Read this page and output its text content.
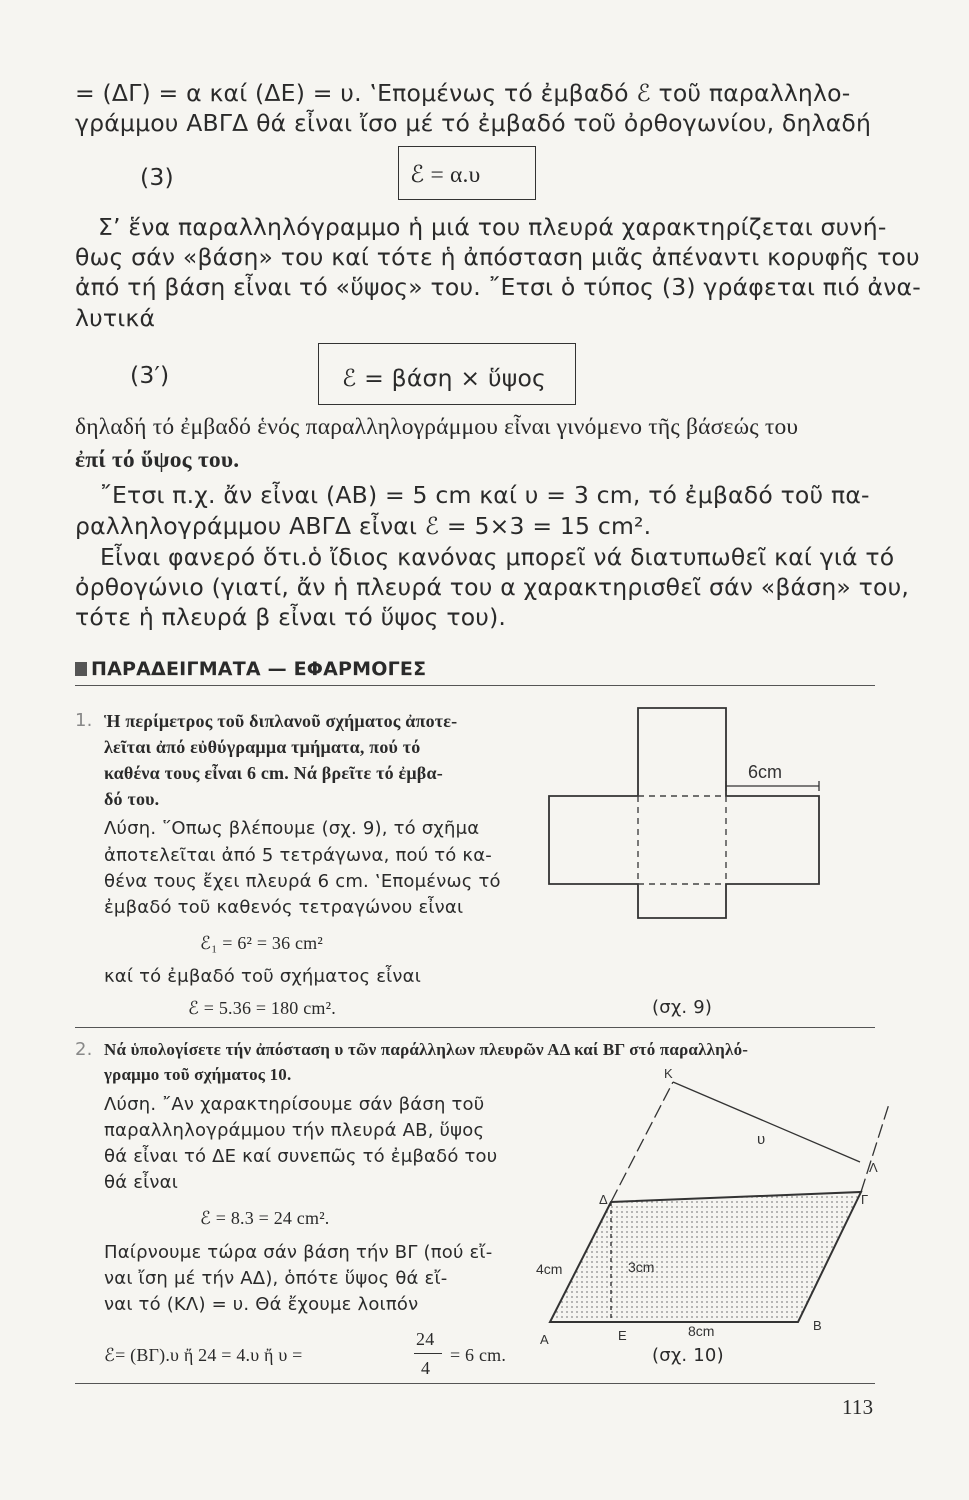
= (ΔΓ) = α καί (ΔΕ) = υ. ‛Επομένως τό ἐμβαδό ℰ τοῦ παραλληλο-
γράμμου ΑΒΓΔ θά εἶναι ἴσο μέ τό ἐμβαδό τοῦ ὀρθογωνίου, δηλαδή
(3)	ℰ = α.υ
Σ’ ἕνα παραλληλόγραμμο ἡ μιά του πλευρά χαρακτηρίζεται συνή-
θως σάν «βάση» του καί τότε ἡ ἀπόσταση μιᾶς ἀπέναντι κορυφῆς του
ἀπό τή βάση εἶναι τό «ὕψος» του. ῎Ετσι ὁ τύπος (3) γράφεται πιό ἀνα-
λυτικά
(3′)	ℰ = βάση × ὕψος
δηλαδή τό ἐμβαδό ἑνός παραλληλογράμμου εἶναι γινόμενο τῆς βάσεώς του
ἐπί τό ὕψος του.
῎Ετσι π.χ. ἄν εἶναι (ΑΒ) = 5 cm καί υ = 3 cm, τό ἐμβαδό τοῦ πα-
ραλληλογράμμου ΑΒΓΔ εἶναι ℰ = 5×3 = 15 cm².
Εἶναι φανερό ὅτι.ὁ ἴδιος κανόνας μπορεῖ νά διατυπωθεῖ καί γιά τό
ὀρθογώνιο (γιατί, ἄν ἡ πλευρά του α χαρακτηρισθεῖ σάν «βάση» του,
τότε ἡ πλευρά β εἶναι τό ὕψος του).
ΠΑΡΑΔΕΙΓΜΑΤΑ — ΕΦΑΡΜΟΓΕΣ
1. Ἡ περίμετρος τοῦ διπλανοῦ σχήματος ἀποτε-
λεῖται ἀπό εὐθύγραμμα τμήματα, πού τό
καθένα τους εἶναι 6 cm. Νά βρεῖτε τό ἐμβα-
δό του.
Λύση. ῞Οπως βλέπουμε (σχ. 9), τό σχῆμα
ἀποτελεῖται ἀπό 5 τετράγωνα, πού τό κα-
θένα τους ἔχει πλευρά 6 cm. ‛Επομένως τό
ἐμβαδό τοῦ καθενός τετραγώνου εἶναι
ℰ₁ = 6² = 36 cm²
καί τό ἐμβαδό τοῦ σχήματος εἶναι
ℰ = 5.36 = 180 cm².
6cm
(σχ. 9)
2. Νά ὑπολογίσετε τήν ἀπόσταση υ τῶν παράλληλων πλευρῶν ΑΔ καί ΒΓ στό παραλληλό-
γραμμο τοῦ σχήματος 10.
Λύση. ῎Αν χαρακτηρίσουμε σάν βάση τοῦ
παραλληλογράμμου τήν πλευρά ΑΒ, ὕψος
θά εἶναι τό ΔΕ καί συνεπῶς τό ἐμβαδό του
θά εἶναι
ℰ = 8.3 = 24 cm².
Παίρνουμε τώρα σάν βάση τήν ΒΓ (πού εἴ-
ναι ἴση μέ τήν ΑΔ), ὁπότε ὕψος θά εἴ-
ναι τό (ΚΛ) = υ. Θά ἔχουμε λοιπόν
ℰ= (ΒΓ).υ ἤ 24 = 4.υ ἤ υ =
24
4
= 6 cm.
K
Λ
Γ
Δ
A	E
B
υ
4cm	3cm
8cm
(σχ. 10)
113
